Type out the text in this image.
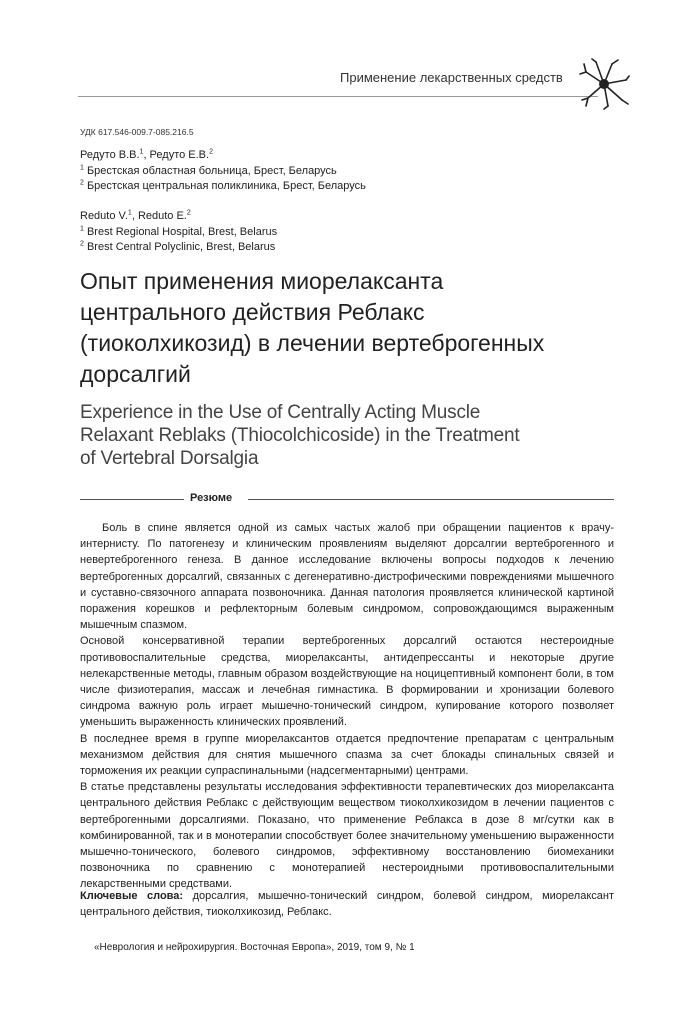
Применение лекарственных средств
УДК 617.546-009.7-085.216.5
Редуто В.В.$^1$, Редуто Е.В.$^2$
$^1$ Брестская областная больница, Брест, Беларусь
$^2$ Брестская центральная поликлиника, Брест, Беларусь
Reduto V.$^1$, Reduto E.$^2$
$^1$ Brest Regional Hospital, Brest, Belarus
$^2$ Brest Central Polyclinic, Brest, Belarus
Опыт применения миорелаксанта
центрального действия Реблакс
(тиоколхикозид) в лечении вертеброгенных
дорсалгий
Experience in the Use of Centrally Acting Muscle
Relaxant Reblaks (Thiocolchicoside) in the Treatment
of Vertebral Dorsalgia
Резюме

Боль в спине является одной из самых частых жалоб при обращении пациентов к врачу-интернисту. По патогенезу и клиническим проявлениям выделяют дорсалгии вертеброгенного и невертеброгенного генеза. В данное исследование включены вопросы подходов к лечению вертеброгенных дорсалгий, связанных с дегенеративно-дистрофическими повреждениями мышечного и суставно-связочного аппарата позвоночника. Данная патология проявляется клинической картиной поражения корешков и рефлекторным болевым синдромом, сопровождающимся выраженным мышечным спазмом.

Основой консервативной терапии вертеброгенных дорсалгий остаются нестероидные противовоспалительные средства, миорелаксанты, антидепрессанты и некоторые другие нелекарственные методы, главным образом воздействующие на ноцицептивный компонент боли, в том числе физиотерапия, массаж и лечебная гимнастика. В формировании и хронизации болевого синдрома важную роль играет мышечно-тонический синдром, купирование которого позволяет уменьшить выраженность клинических проявлений.

В последнее время в группе миорелаксантов отдается предпочтение препаратам с центральным механизмом действия для снятия мышечного спазма за счет блокады спинальных связей и торможения их реакции супраспинальными (надсегментарными) центрами.

В статье представлены результаты исследования эффективности терапевтических доз миорелаксанта центрального действия Реблакс с действующим веществом тиоколхикозидом в лечении пациентов с вертеброгенными дорсалгиями. Показано, что применение Реблакса в дозе 8 мг/сутки как в комбинированной, так и в монотерапии способствует более значительному уменьшению выраженности мышечно-тонического, болевого синдромов, эффективному восстановлению биомеханики позвоночника по сравнению с монотерапией нестероидными противовоспалительными лекарственными средствами.

Ключевые слова: дорсалгия, мышечно-тонический синдром, болевой синдром, миорелаксант центрального действия, тиоколхикозид, Реблакс.
«Неврология и нейрохирургия. Восточная Европа», 2019, том 9, № 1
